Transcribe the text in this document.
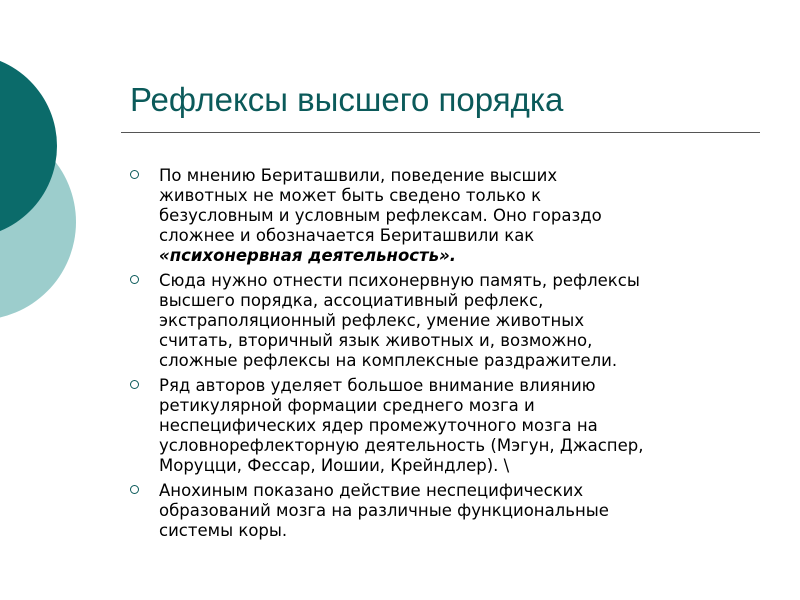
Рефлексы высшего порядка
По мнению Бериташвили, поведение высших
животных не может быть сведено только к
безусловным и условным рефлексам. Оно гораздо
сложнее и обозначается Бериташвили как
«психонервная деятельность».
Сюда нужно отнести психонервную память, рефлексы
высшего порядка, ассоциативный рефлекс,
экстраполяционный рефлекс, умение животных
считать, вторичный язык животных и, возможно,
сложные рефлексы на комплексные раздражители.
Ряд авторов уделяет большое внимание влиянию
ретикулярной формации среднего мозга и
неспецифических ядер промежуточного мозга на
условнорефлекторную деятельность (Мэгун, Джаспер,
Моруцци, Фессар, Иошии, Крейндлер). \
Анохиным показано действие неспецифических
образований мозга на различные функциональные
системы коры.
